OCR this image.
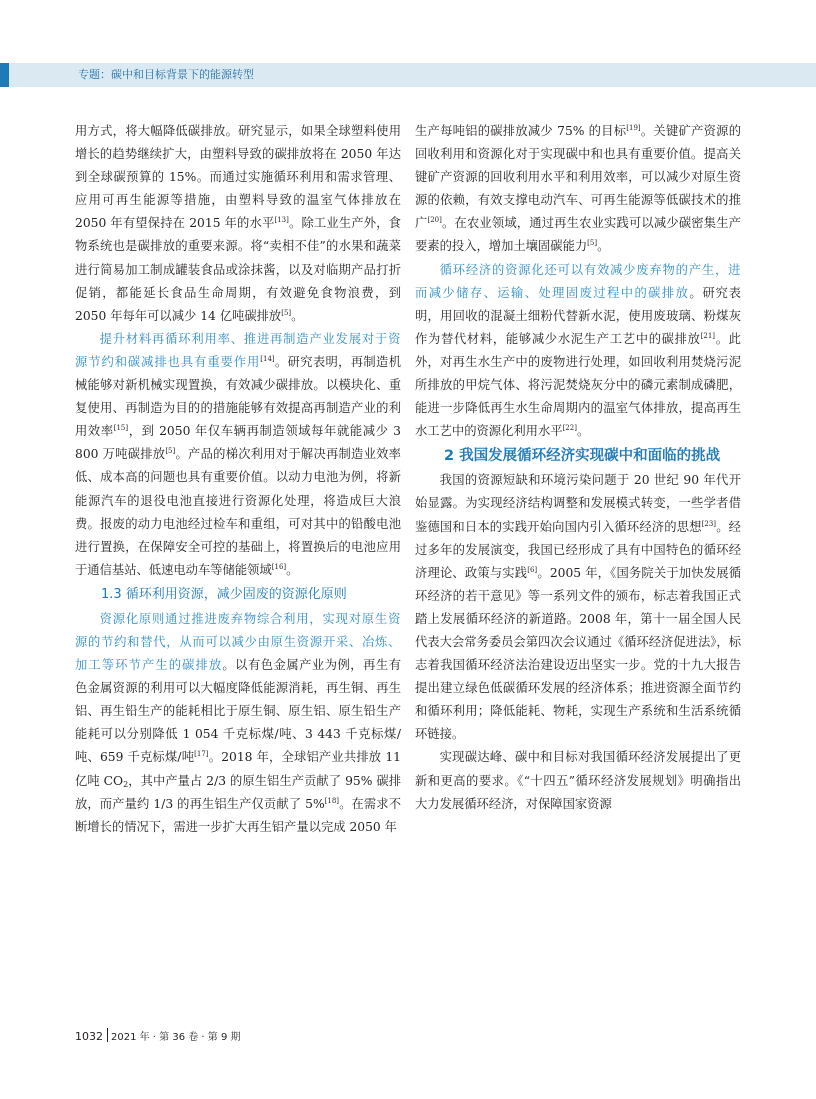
专题：碳中和目标背景下的能源转型

用方式，将大幅降低碳排放。研究显示，如果全球塑料使用增长的趋势继续扩大，由塑料导致的碳排放将在 2050 年达到全球碳预算的 15%。而通过实施循环利用和需求管理、应用可再生能源等措施，由塑料导致的温室气体排放在 2050 年有望保持在 2015 年的水平[13]。除工业生产外，食物系统也是碳排放的重要来源。将“卖相不佳”的水果和蔬菜进行简易加工制成罐装食品或涂抹酱，以及对临期产品打折促销，都能延长食品生命周期，有效避免食物浪费，到 2050 年每年可以减少 14 亿吨碳排放[5]。

提升材料再循环利用率、推进再制造产业发展对于资源节约和碳减排也具有重要作用[14]。研究表明，再制造机械能够对新机械实现置换，有效减少碳排放。以模块化、重复使用、再制造为目的的措施能够有效提高再制造产业的利用效率[15]，到 2050 年仅车辆再制造领域每年就能减少 3 800 万吨碳排放[5]。产品的梯次利用对于解决再制造业效率低、成本高的问题也具有重要价值。以动力电池为例，将新能源汽车的退役电池直接进行资源化处理，将造成巨大浪费。报废的动力电池经过检车和重组，可对其中的铅酸电池进行置换，在保障安全可控的基础上，将置换后的电池应用于通信基站、低速电动车等储能领域[16]。

1.3 循环利用资源，减少固废的资源化原则

资源化原则通过推进废弃物综合利用，实现对原生资源的节约和替代，从而可以减少由原生资源开采、冶炼、加工等环节产生的碳排放。以有色金属产业为例，再生有色金属资源的利用可以大幅度降低能源消耗，再生铜、再生铝、再生铅生产的能耗相比于原生铜、原生铝、原生铅生产能耗可以分别降低 1 054 千克标煤/吨、3 443 千克标煤/吨、659 千克标煤/吨[17]。2018 年，全球铝产业共排放 11 亿吨 $CO_2$，其中产量占 2/3 的原生铝生产贡献了 95% 碳排放，而产量约 1/3 的再生铝生产仅贡献了 5%[18]。在需求不断增长的情况下，需进一步扩大再生铝产量以完成 2050 年

生产每吨铝的碳排放减少 75% 的目标[19]。关键矿产资源的回收利用和资源化对于实现碳中和也具有重要价值。提高关键矿产资源的回收利用水平和利用效率，可以减少对原生资源的依赖，有效支撑电动汽车、可再生能源等低碳技术的推广[20]。在农业领域，通过再生农业实践可以减少碳密集生产要素的投入，增加土壤固碳能力[5]。

循环经济的资源化还可以有效减少废弃物的产生，进而减少储存、运输、处理固废过程中的碳排放。研究表明，用回收的混凝土细粉代替新水泥，使用废玻璃、粉煤灰作为替代材料，能够减少水泥生产工艺中的碳排放[21]。此外，对再生水生产中的废物进行处理，如回收利用焚烧污泥所排放的甲烷气体、将污泥焚烧灰分中的磷元素制成磷肥，能进一步降低再生水生命周期内的温室气体排放，提高再生水工艺中的资源化利用水平[22]。

2 我国发展循环经济实现碳中和面临的挑战

我国的资源短缺和环境污染问题于 20 世纪 90 年代开始显露。为实现经济结构调整和发展模式转变，一些学者借鉴德国和日本的实践开始向国内引入循环经济的思想[23]。经过多年的发展演变，我国已经形成了具有中国特色的循环经济理论、政策与实践[6]。2005 年，《国务院关于加快发展循环经济的若干意见》等一系列文件的颁布，标志着我国正式踏上发展循环经济的新道路。2008 年，第十一届全国人民代表大会常务委员会第四次会议通过《循环经济促进法》，标志着我国循环经济法治建设迈出坚实一步。党的十九大报告提出建立绿色低碳循环发展的经济体系；推进资源全面节约和循环利用；降低能耗、物耗，实现生产系统和生活系统循环链接。

实现碳达峰、碳中和目标对我国循环经济发展提出了更新和更高的要求。《“十四五”循环经济发展规划》明确指出大力发展循环经济，对保障国家资源

1032 2021 年 · 第 36 卷 · 第 9 期
